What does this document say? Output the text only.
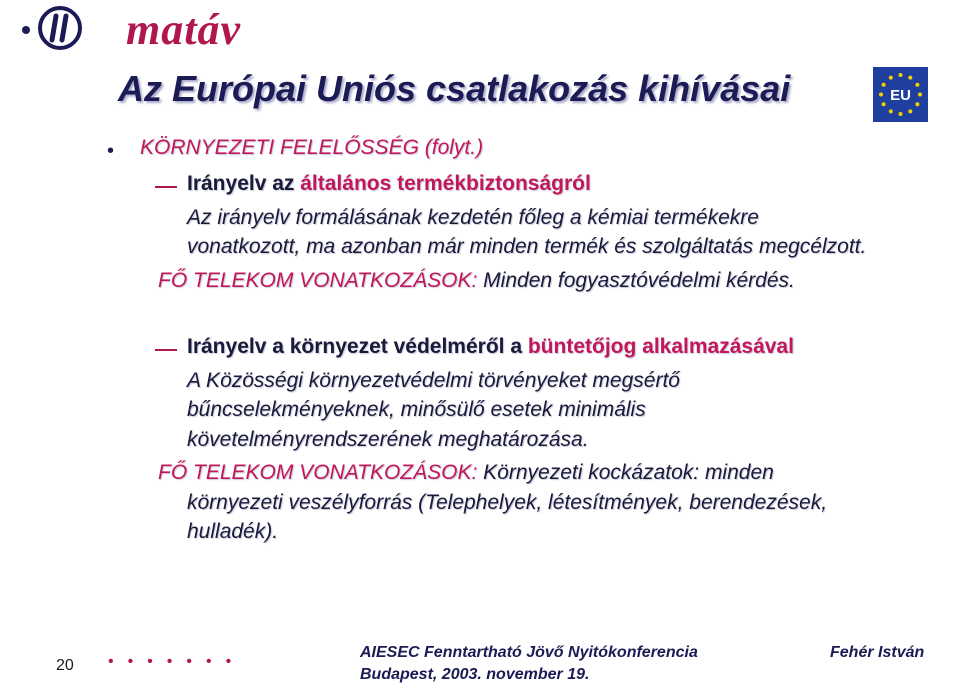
matáv
Az Európai Uniós csatlakozás kihívásai	EU
• KÖRNYEZETI FELELŐSSÉG (folyt.)
Irányelv az általános termékbiztonságról
Az irányelv formálásának kezdetén főleg a kémiai termékekre
vonatkozott, ma azonban már minden termék és szolgáltatás megcélzott.
FŐ TELEKOM VONATKOZÁSOK: Minden fogyasztóvédelmi kérdés.
Irányelv a környezet védelméről a büntetőjog alkalmazásával
A Közösségi környezetvédelmi törvényeket megsértő
bűncselekményeknek, minősülő esetek minimális
követelményrendszerének meghatározása.
FŐ TELEKOM VONATKOZÁSOK: Környezeti kockázatok: minden
környezeti veszélyforrás (Telephelyek, létesítmények, berendezések,
hulladék).
20 •••••••
AIESEC Fenntartható Jövő Nyitókonferencia
Budapest, 2003. november 19.
Fehér István
